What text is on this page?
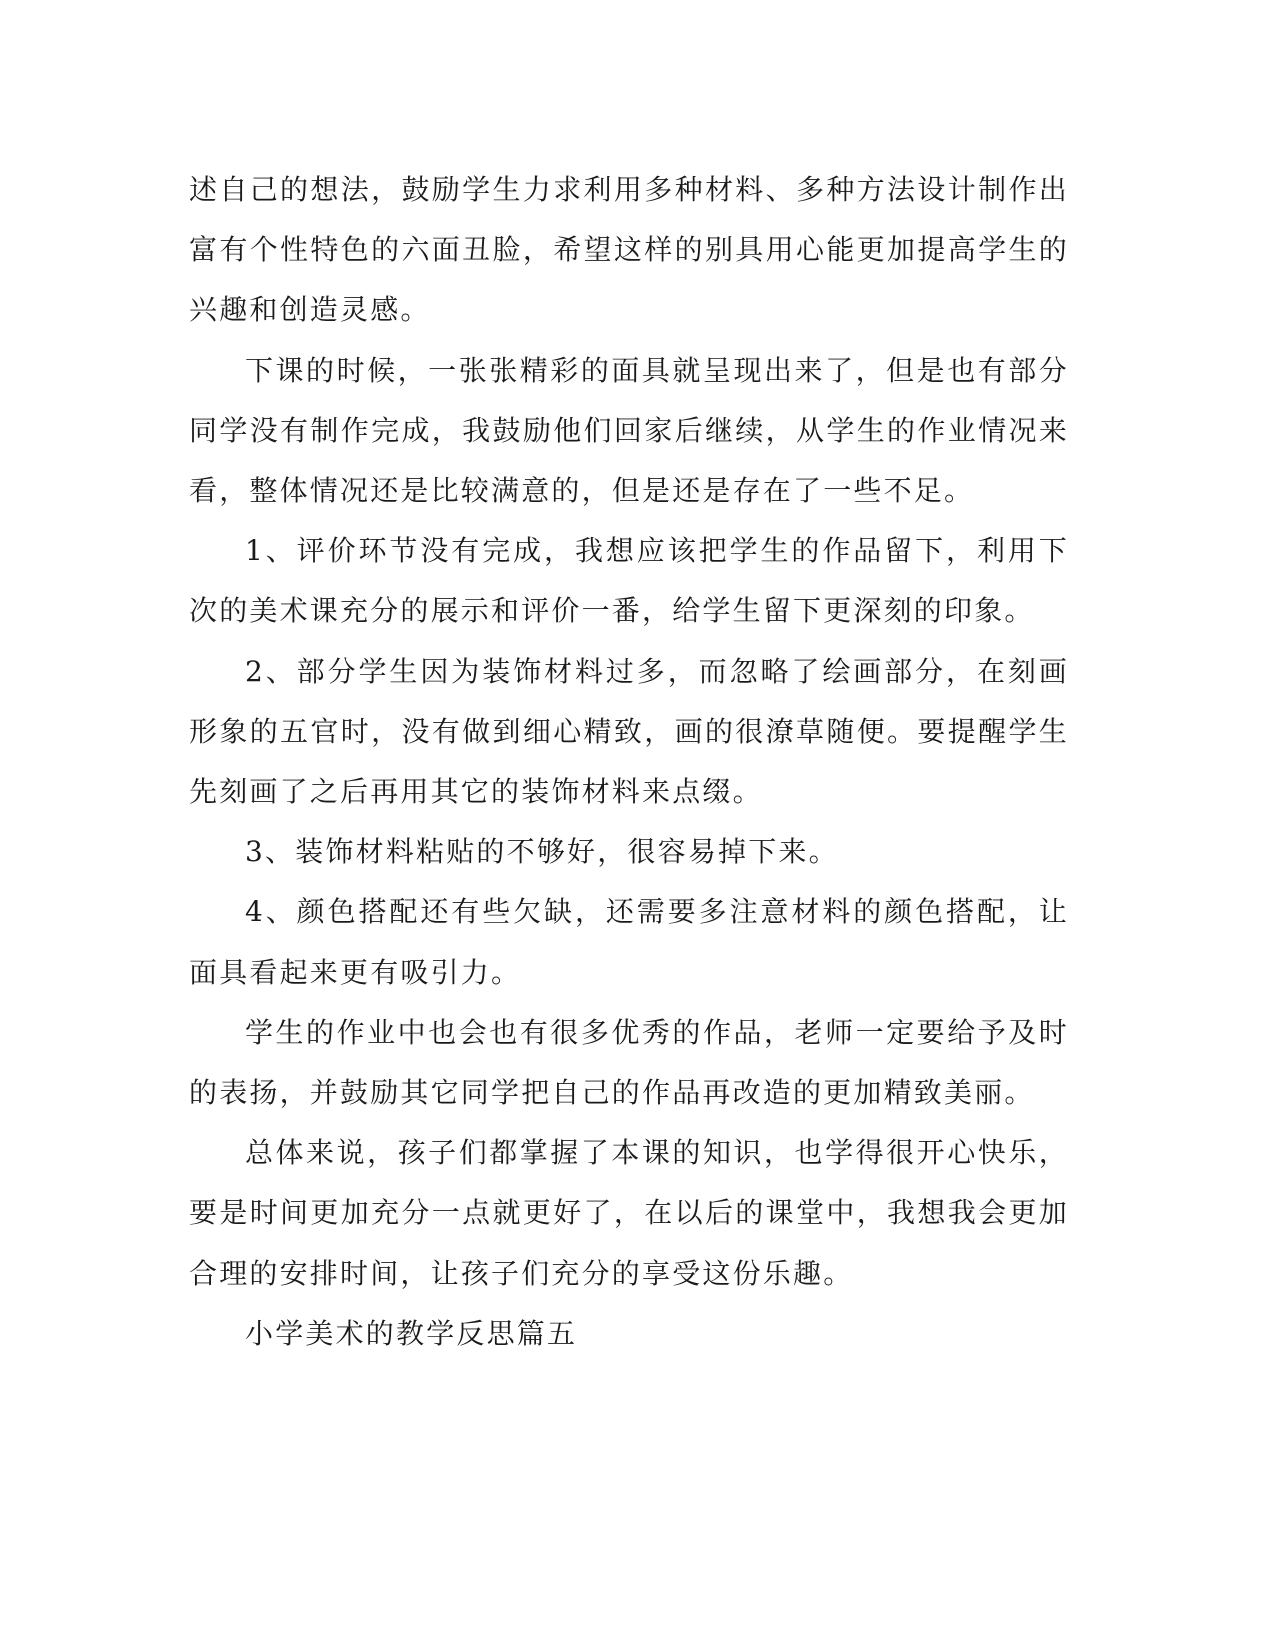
述自己的想法，鼓励学生力求利用多种材料、多种方法设计制作出富有个性特色的六面丑脸，希望这样的别具用心能更加提高学生的兴趣和创造灵感。

下课的时候，一张张精彩的面具就呈现出来了，但是也有部分同学没有制作完成，我鼓励他们回家后继续，从学生的作业情况来看，整体情况还是比较满意的，但是还是存在了一些不足。

1、评价环节没有完成，我想应该把学生的作品留下，利用下次的美术课充分的展示和评价一番，给学生留下更深刻的印象。

2、部分学生因为装饰材料过多，而忽略了绘画部分，在刻画形象的五官时，没有做到细心精致，画的很潦草随便。要提醒学生先刻画了之后再用其它的装饰材料来点缀。

3、装饰材料粘贴的不够好，很容易掉下来。

4、颜色搭配还有些欠缺，还需要多注意材料的颜色搭配，让面具看起来更有吸引力。

学生的作业中也会也有很多优秀的作品，老师一定要给予及时的表扬，并鼓励其它同学把自己的作品再改造的更加精致美丽。

总体来说，孩子们都掌握了本课的知识，也学得很开心快乐，要是时间更加充分一点就更好了，在以后的课堂中，我想我会更加合理的安排时间，让孩子们充分的享受这份乐趣。

小学美术的教学反思篇五
